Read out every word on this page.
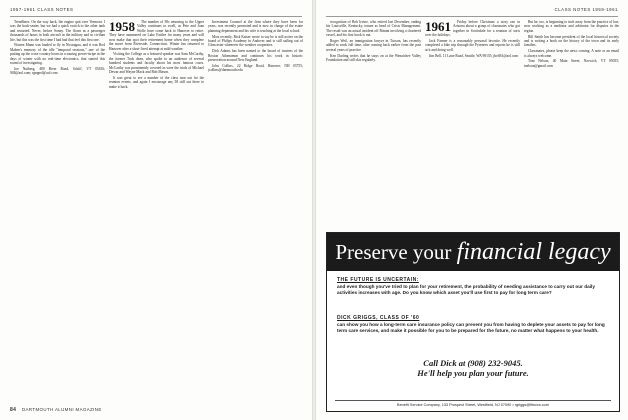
1957-1961 CLASS NOTES

Trendlines. On the way back, the engine quit over Vermont. I was the back-seater, but we had a quick switch to the other tank and restarted. Never, before Sonny. The flown as a passenger thousands of hours in both aircraft in the military and in civilian life, but this was the first time I had had that feel this first one.

Warren Mann was lauded to fly in Nicaragua, and it was Rod Maben's memory of the idle "temporal sessions," one of the putting up the cross-country hours in a touring power-stripe in the days of winter with no real-time electronics, that started this round of investigating.

Joe Nutberg, 480 River Road, Schiff, VT 05456; 948@aol.com; rgeppel@aol.com

1958	The number of 58s returning to the Upper Valley continues to swell, as Pete and Joan Wolfe have come back to Hanover to retire. They have summered on Lake Fairlee for many years and will now make that spot their retirement home when they complete the move from Riverside, Connecticut. Winter has returned to Hanover after a short-lived attempt at mild weather.

Visiting the College as a featured speaker was Sam McCarthy, the former Tuck dean, who spoke to an audience of several hundred students and faculty about his most famous cases. McCarthy was prominently covered as were the trials of Michael Dewar and Wayne Mack and Bob Mason.

It was great to see a number of the class turn out for the reunion events, and again I encourage any 58 still out there to make it back.

Investment Counsel at the firm where they have been for years, was recently promoted and is now in charge of the estate planning department and his wife is teaching at the local school.

Most recently, Rick Kaiser wrote to say he is still active on the board of Philips Academy in Andover and is still sailing out of Gloucester whenever the weather cooperates.

Dick Adams has been named to the board of trustees of the Boston Athenaeum and continues his work in historic preservation around New England.

John Collins, 22 Ridge Road, Hanover, NH 03755; jcollins@dartmouth.edu

84 DARTMOUTH ALUMNI MAGAZINE
CLASS NOTES 1959-1961

recognition of Bob Irvine, who retired last December, ending his Louisville, Kentucky, tenure as head of Crisis Management. The result was an actual incident off Bimini involving a chartered vessel, and his first book is out.

Roger Weil, an immigration lawyer in Tucson, has recently added to work full time, after coming back earlier from the past several years of practice.

Ken Darling writes that he stays on at the Wenatchee Valley Foundation and still skis regularly.

1961	Friday before Christmas a story ran in Arizona about a group of classmates who got together in Scottsdale for a reunion of sorts over the holidays.

Jack Farmer is a reasonably personal favorite. He recently completed a bike trip through the Pyrenees and reports he is still at it and doing well.

Jim Bell, 11 Lane Road, Seattle, WA 98155; jbell61@aol.com

But he, too, is beginning to inch away from the practice of law, now working as a mediator and arbitrator for disputes in the region.

Bill Smith has become president of the local historical society and is writing a book on the history of the town and its early families.

Classmates, please keep the news coming. A note or an email is always welcome.

Tom Nelson, 40 Main Street, Norwich, VT 05055; tnelson@gmail.com

Preserve your financial legacy
THE FUTURE IS UNCERTAIN:
and even though you've tried to plan for your retirement, the probability of needing assistance to carry out our daily activities increases with age. Do you know which asset you'll use first to pay for long term care?
DICK GRIGGS, CLASS OF '60
can show you how a long-term care insurance policy can prevent you from having to deplete your assets to pay for long term care services, and make it possible for you to be prepared for the future, no matter what happens to your health.
Call Dick at (908) 232-9045.
He'll help you plan your future.
Benefit Service Company, 133 Prospect Street, Westfield, NJ 07090 • rgriggs@fitsvcs.com
